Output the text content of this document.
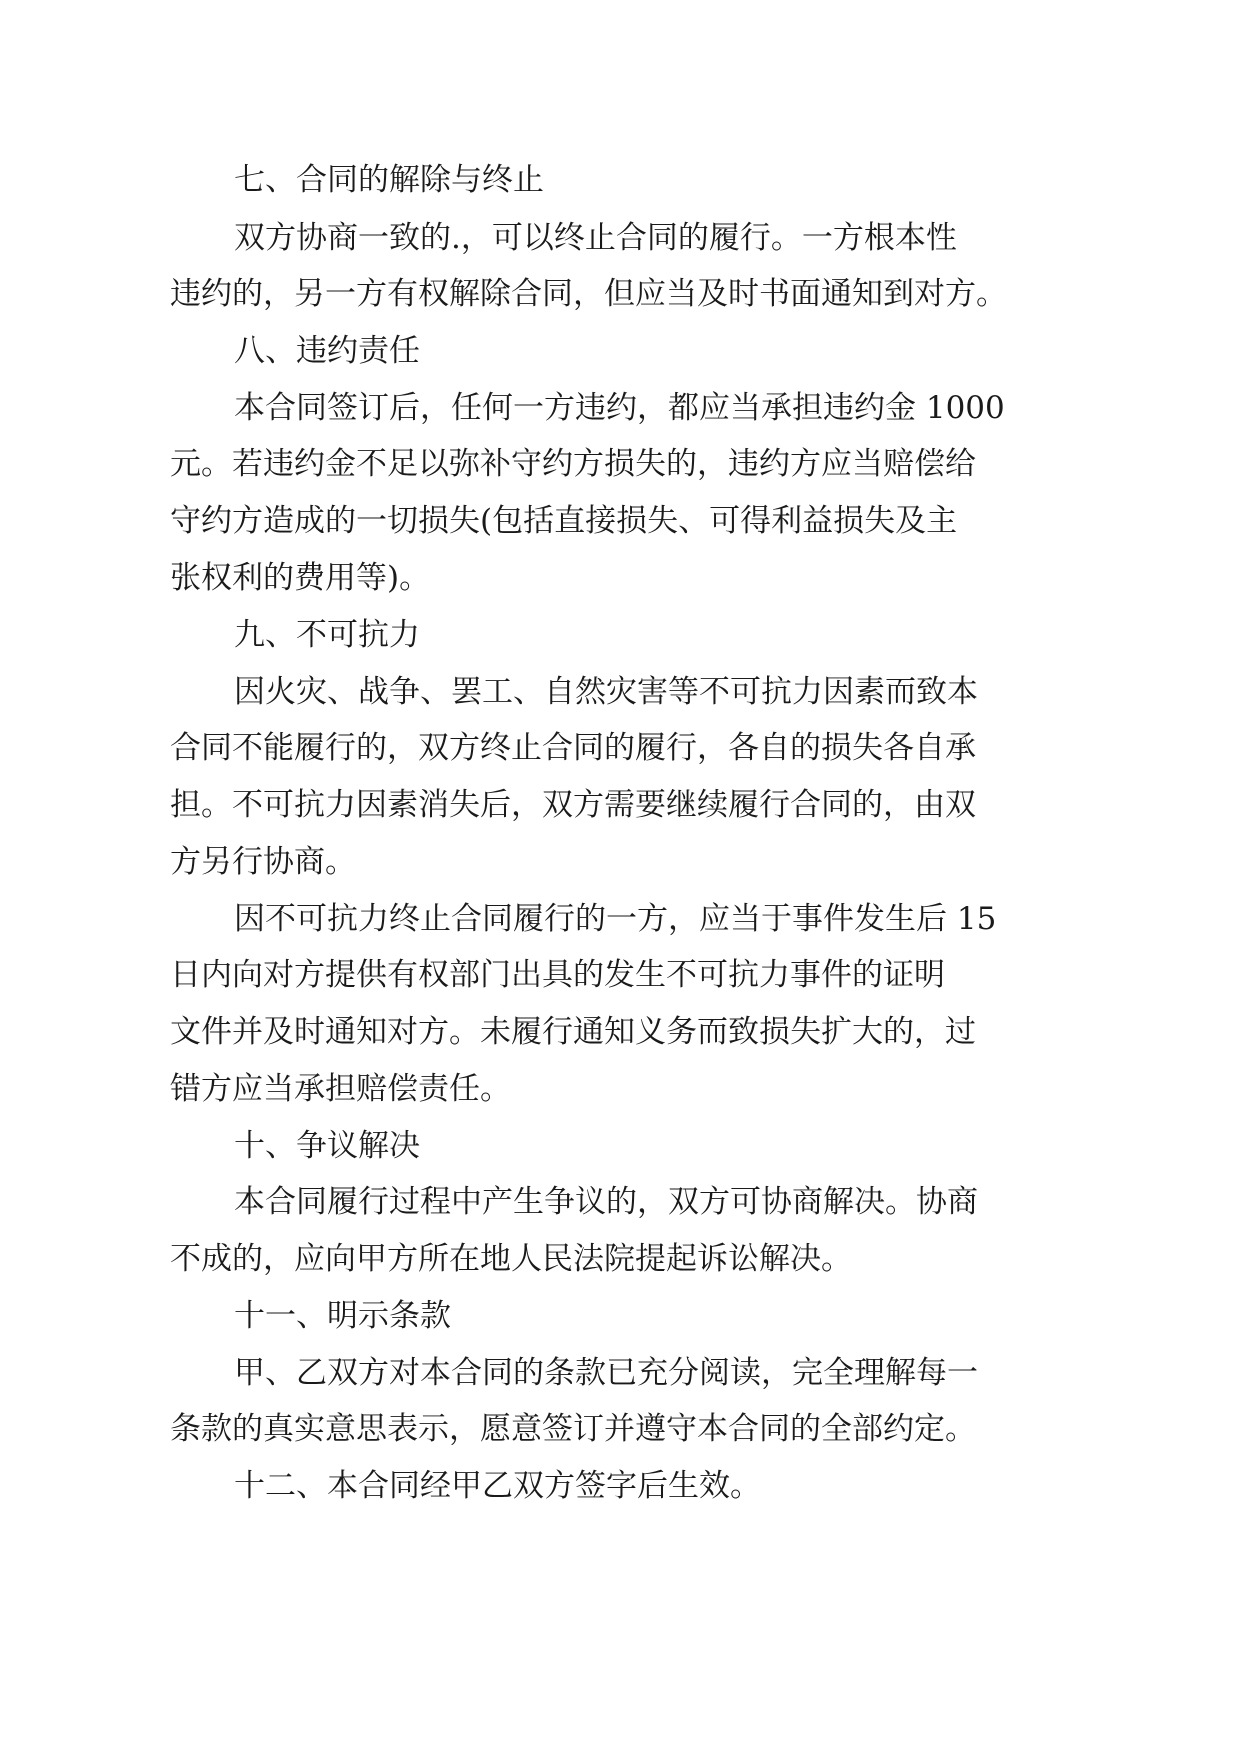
七、合同的解除与终止
双方协商一致的.，可以终止合同的履行。一方根本性
违约的，另一方有权解除合同，但应当及时书面通知到对方。
八、违约责任
本合同签订后，任何一方违约，都应当承担违约金 1000
元。若违约金不足以弥补守约方损失的，违约方应当赔偿给
守约方造成的一切损失(包括直接损失、可得利益损失及主
张权利的费用等)。
九、不可抗力
因火灾、战争、罢工、自然灾害等不可抗力因素而致本
合同不能履行的，双方终止合同的履行，各自的损失各自承
担。不可抗力因素消失后，双方需要继续履行合同的，由双
方另行协商。
因不可抗力终止合同履行的一方，应当于事件发生后 15
日内向对方提供有权部门出具的发生不可抗力事件的证明
文件并及时通知对方。未履行通知义务而致损失扩大的，过
错方应当承担赔偿责任。
十、争议解决
本合同履行过程中产生争议的，双方可协商解决。协商
不成的，应向甲方所在地人民法院提起诉讼解决。
十一、明示条款
甲、乙双方对本合同的条款已充分阅读，完全理解每一
条款的真实意思表示，愿意签订并遵守本合同的全部约定。
十二、本合同经甲乙双方签字后生效。
